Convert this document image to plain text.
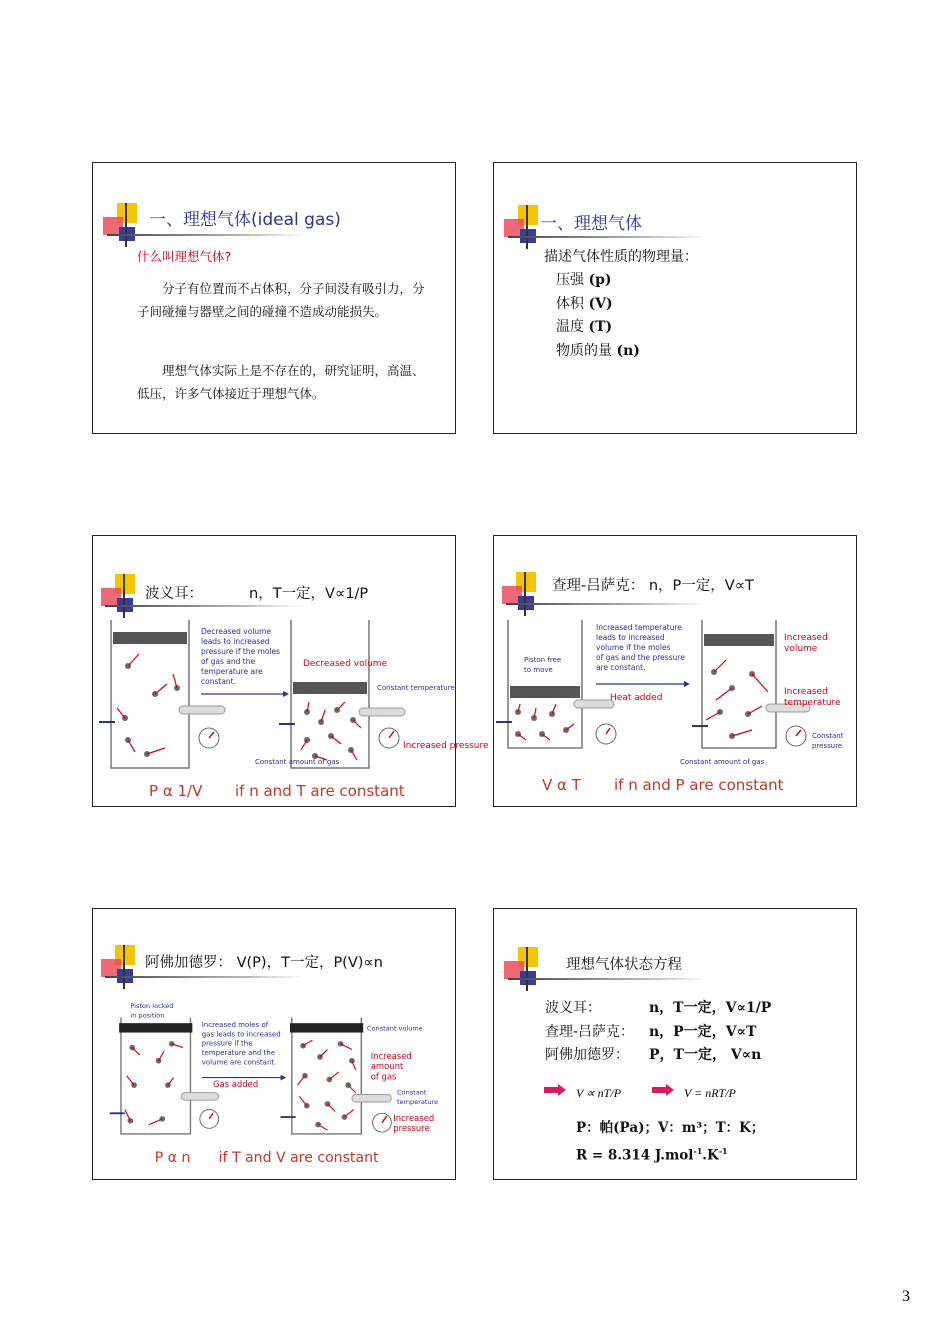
一、理想气体(ideal gas)
什么叫理想气体?
  分子有位置而不占体积，分子间没有吸引力，分子间碰撞与器壁之间的碰撞不造成动能损失。
  理想气体实际上是不存在的，研究证明，高温、低压，许多气体接近于理想气体。
一、理想气体
描述气体性质的物理量：
压强 (p)
体积 (V)
温度 (T)
物质的量 (n)
波义耳：	n，T一定，V∝1/P
Decreased volume leads to increased pressure if the moles of gas and the temperature are constant.
Decreased volume
Constant temperature
Increased pressure
Constant amount of gas
P α 1/V if n and T are constant
查理-吕萨克： n，P一定，V∝T
Piston free to move
Increased temperature leads to increased volume if the moles of gas and the pressure are constant.
Heat added
Increased volume
Increased temperature
Constant pressure
Constant amount of gas
V α T if n and P are constant
阿佛加德罗： V(P)，T一定，P(V)∝n
Piston locked in position
Increased moles of gas leads to increased pressure if the temperature and the volume are constant.
Gas added
Constant volume
Increased amount of gas
Constant temperature
Increased pressure
P α n if T and V are constant
理想气体状态方程
波义耳：	n，T一定，V∝1/P
查理-吕萨克： n，P一定，V∝T
阿佛加德罗： P，T一定， V∝n
V ∝ nT/P	V = nRT/P
P：帕(Pa)；V：m³；T：K；
R = 8.314 $J.mol^{-1}.K^{-1}$
3
